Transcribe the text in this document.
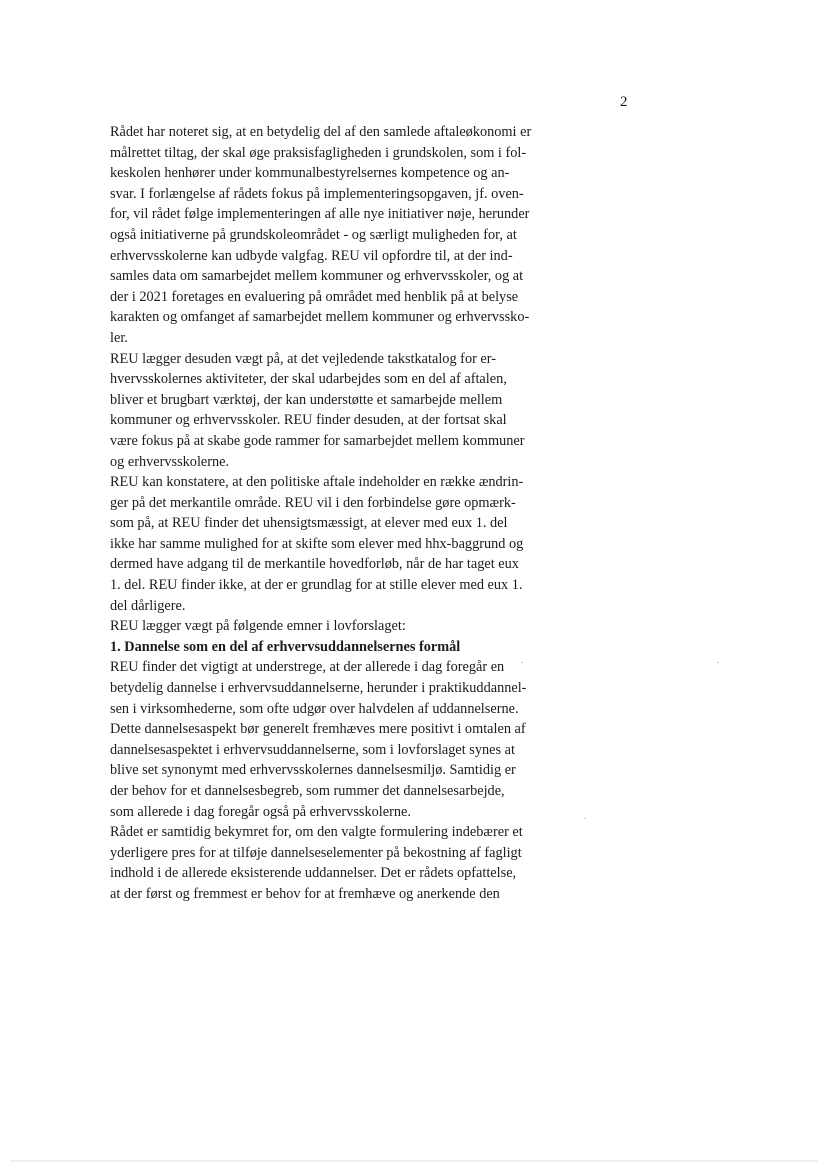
2

Rådet har noteret sig, at en betydelig del af den samlede aftaleøkonomi er
målrettet tiltag, der skal øge praksisfagligheden i grundskolen, som i fol-
keskolen henhører under kommunalbestyrelsernes kompetence og an-
svar. I forlængelse af rådets fokus på implementeringsopgaven, jf. oven-
for, vil rådet følge implementeringen af alle nye initiativer nøje, herunder
også initiativerne på grundskoleområdet - og særligt muligheden for, at
erhvervsskolerne kan udbyde valgfag. REU vil opfordre til, at der ind-
samles data om samarbejdet mellem kommuner og erhvervsskoler, og at
der i 2021 foretages en evaluering på området med henblik på at belyse
karakten og omfanget af samarbejdet mellem kommuner og erhvervssko-
ler.

REU lægger desuden vægt på, at det vejledende takstkatalog for er-
hvervsskolernes aktiviteter, der skal udarbejdes som en del af aftalen,
bliver et brugbart værktøj, der kan understøtte et samarbejde mellem
kommuner og erhvervsskoler. REU finder desuden, at der fortsat skal
være fokus på at skabe gode rammer for samarbejdet mellem kommuner
og erhvervsskolerne.

REU kan konstatere, at den politiske aftale indeholder en række ændrin-
ger på det merkantile område. REU vil i den forbindelse gøre opmærk-
som på, at REU finder det uhensigtsmæssigt, at elever med eux 1. del
ikke har samme mulighed for at skifte som elever med hhx-baggrund og
dermed have adgang til de merkantile hovedforløb, når de har taget eux
1. del. REU finder ikke, at der er grundlag for at stille elever med eux 1.
del dårligere.

REU lægger vægt på følgende emner i lovforslaget:

1. Dannelse som en del af erhvervsuddannelsernes formål

REU finder det vigtigt at understrege, at der allerede i dag foregår en
betydelig dannelse i erhvervsuddannelserne, herunder i praktikuddannel-
sen i virksomhederne, som ofte udgør over halvdelen af uddannelserne.
Dette dannelsesaspekt bør generelt fremhæves mere positivt i omtalen af
dannelsesaspektet i erhvervsuddannelserne, som i lovforslaget synes at
blive set synonymt med erhvervsskolernes dannelsesmiljø. Samtidig er
der behov for et dannelsesbegreb, som rummer det dannelsesarbejde,
som allerede i dag foregår også på erhvervsskolerne.

Rådet er samtidig bekymret for, om den valgte formulering indebærer et
yderligere pres for at tilføje dannelseselementer på bekostning af fagligt
indhold i de allerede eksisterende uddannelser. Det er rådets opfattelse,
at der først og fremmest er behov for at fremhæve og anerkende den
